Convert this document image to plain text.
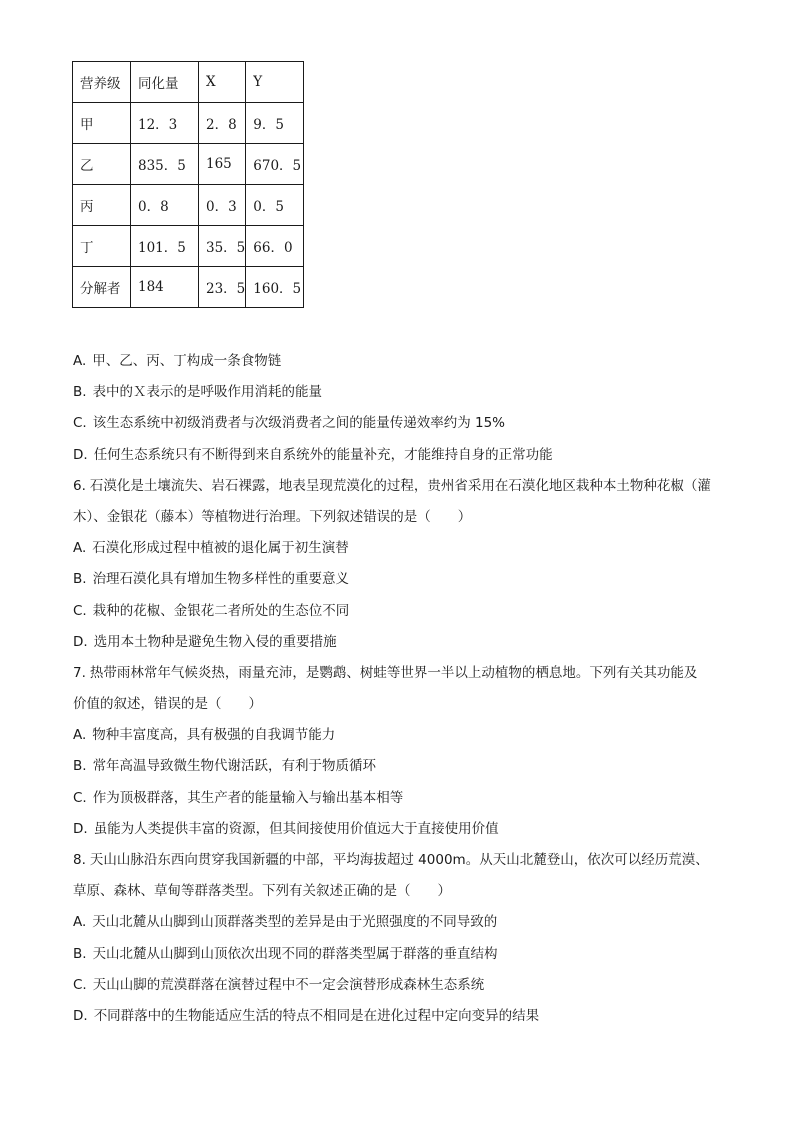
营养级	同化量	X	Y
甲	12．3	2．8	9．5
乙	835．5	165	670．5
丙	0．8	0．3	0．5
丁	101．5	35．5	66．0
分解者	184	23．5	160．5
A. 甲、乙、丙、丁构成一条食物链
B. 表中的Ｘ表示的是呼吸作用消耗的能量
C. 该生态系统中初级消费者与次级消费者之间的能量传递效率约为 15%
D. 任何生态系统只有不断得到来自系统外的能量补充，才能维持自身的正常功能
6. 石漠化是土壤流失、岩石裸露，地表呈现荒漠化的过程，贵州省采用在石漠化地区栽种本土物种花椒（灌
木）、金银花（藤本）等植物进行治理。下列叙述错误的是（　　）
A. 石漠化形成过程中植被的退化属于初生演替
B. 治理石漠化具有增加生物多样性的重要意义
C. 栽种的花椒、金银花二者所处的生态位不同
D. 选用本土物种是避免生物入侵的重要措施
7. 热带雨林常年气候炎热，雨量充沛，是鹦鹉、树蛙等世界一半以上动植物的栖息地。下列有关其功能及
价值的叙述，错误的是（　　）
A. 物种丰富度高，具有极强的自我调节能力
B. 常年高温导致微生物代谢活跃，有利于物质循环
C. 作为顶极群落，其生产者的能量输入与输出基本相等
D. 虽能为人类提供丰富的资源，但其间接使用价值远大于直接使用价值
8. 天山山脉沿东西向贯穿我国新疆的中部，平均海拔超过 4000m。从天山北麓登山，依次可以经历荒漠、
草原、森林、草甸等群落类型。下列有关叙述正确的是（　　）
A. 天山北麓从山脚到山顶群落类型的差异是由于光照强度的不同导致的
B. 天山北麓从山脚到山顶依次出现不同的群落类型属于群落的垂直结构
C. 天山山脚的荒漠群落在演替过程中不一定会演替形成森林生态系统
D. 不同群落中的生物能适应生活的特点不相同是在进化过程中定向变异的结果
